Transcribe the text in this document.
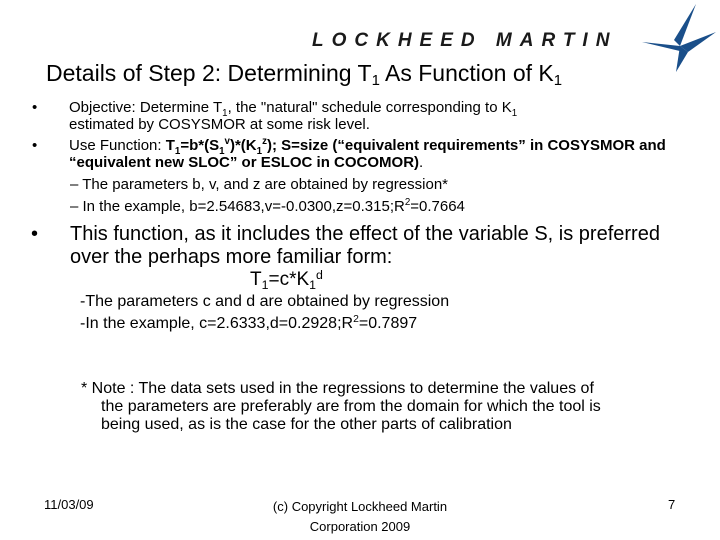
LOCKHEED MARTIN
Details of Step 2: Determining $T_1$ As Function of $K_1$
• Objective: Determine $T_1$, the "natural" schedule corresponding to $K_1$
estimated by COSYSMOR at some risk level.
• Use Function: $T_1=b*(S_1^v)*(K_1^z)$; S=size (“equivalent requirements” in COSYSMOR and “equivalent new SLOC” or ESLOC in COCOMOR).
– The parameters b, v, and z are obtained by regression*
– In the example, $b=2.54683,v=-0.0300,z=0.315;R^2=0.7664$
• This function, as it includes the effect of the variable S, is preferred over the perhaps more familiar form:
$T_1=c*K_1^d$
-The parameters c and d are obtained by regression
-In the example, $c=2.6333,d=0.2928;R^2=0.7897$
* Note : The data sets used in the regressions to determine the values of
the parameters are preferably are from the domain for which the tool is
being used, as is the case for the other parts of calibration
11/03/09	(c) Copyright Lockheed Martin
Corporation 2009
7
